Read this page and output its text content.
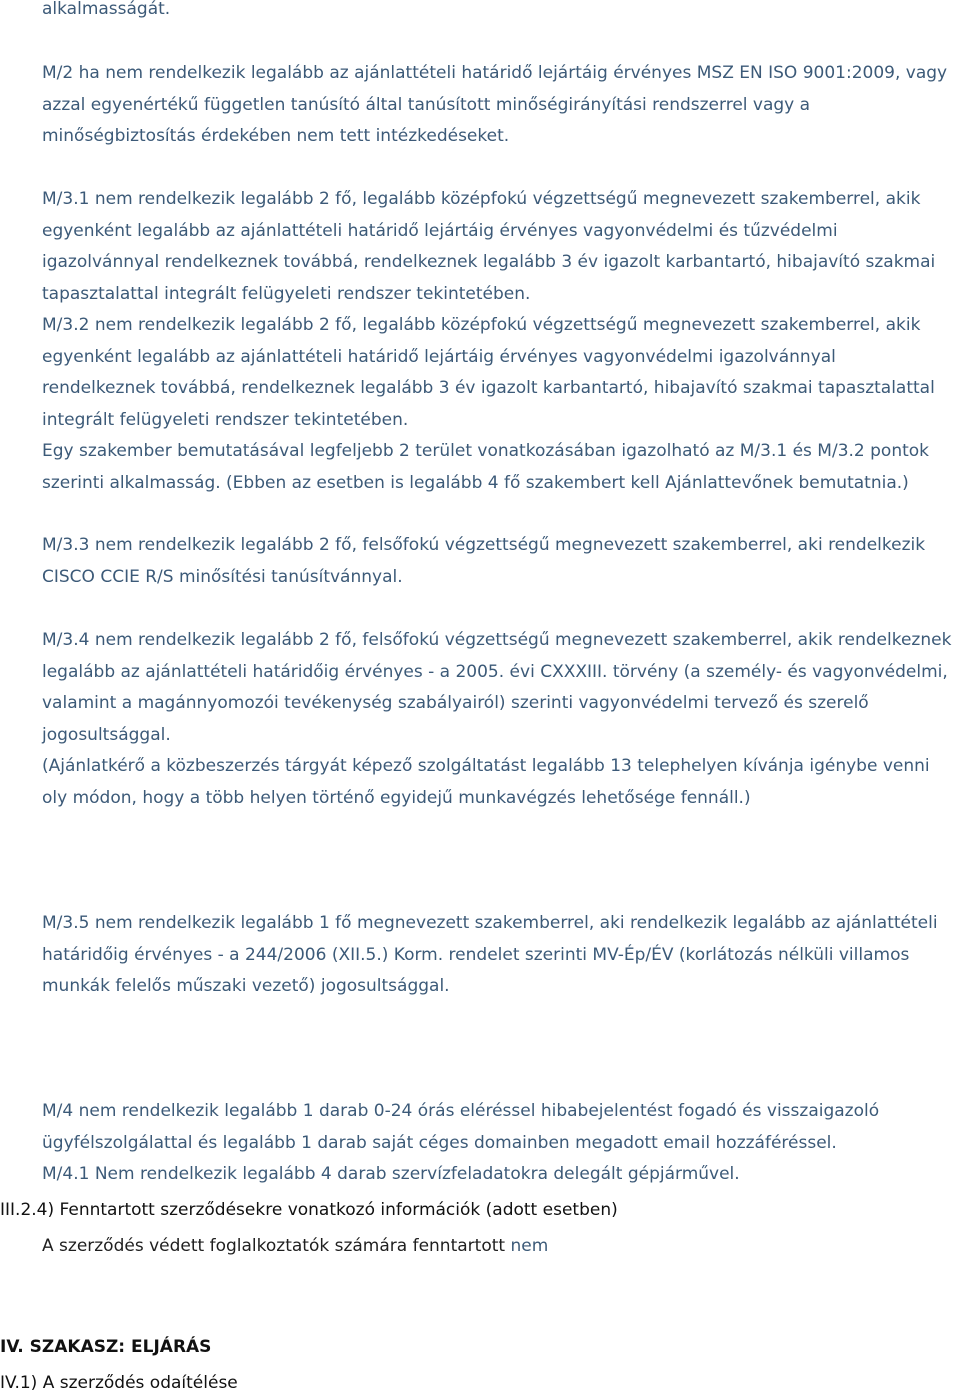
alkalmasságát.

M/2 ha nem rendelkezik legalább az ajánlattételi határidő lejártáig érvényes MSZ EN ISO 9001:2009, vagy azzal egyenértékű független tanúsító által tanúsított minőségirányítási rendszerrel vagy a minőségbiztosítás érdekében nem tett intézkedéseket.

M/3.1 nem rendelkezik legalább 2 fő, legalább középfokú végzettségű megnevezett szakemberrel, akik egyenként legalább az ajánlattételi határidő lejártáig érvényes vagyonvédelmi és tűzvédelmi igazolvánnyal rendelkeznek továbbá, rendelkeznek legalább 3 év igazolt karbantartó, hibajavító szakmai tapasztalattal integrált felügyeleti rendszer tekintetében.

M/3.2 nem rendelkezik legalább 2 fő, legalább középfokú végzettségű megnevezett szakemberrel, akik egyenként legalább az ajánlattételi határidő lejártáig érvényes vagyonvédelmi igazolvánnyal rendelkeznek továbbá, rendelkeznek legalább 3 év igazolt karbantartó, hibajavító szakmai tapasztalattal integrált felügyeleti rendszer tekintetében.

Egy szakember bemutatásával legfeljebb 2 terület vonatkozásában igazolható az M/3.1 és M/3.2 pontok szerinti alkalmasság. (Ebben az esetben is legalább 4 fő szakembert kell Ajánlattevőnek bemutatnia.)

M/3.3 nem rendelkezik legalább 2 fő, felsőfokú végzettségű megnevezett szakemberrel, aki rendelkezik CISCO CCIE R/S minősítési tanúsítvánnyal.

M/3.4 nem rendelkezik legalább 2 fő, felsőfokú végzettségű megnevezett szakemberrel, akik rendelkeznek legalább az ajánlattételi határidőig érvényes - a 2005. évi CXXXIII. törvény (a személy- és vagyonvédelmi, valamint a magánnyomozói tevékenység szabályairól) szerinti vagyonvédelmi tervező és szerelő jogosultsággal.

(Ajánlatkérő a közbeszerzés tárgyát képező szolgáltatást legalább 13 telephelyen kívánja igénybe venni oly módon, hogy a több helyen történő egyidejű munkavégzés lehetősége fennáll.)

M/3.5 nem rendelkezik legalább 1 fő megnevezett szakemberrel, aki rendelkezik legalább az ajánlattételi határidőig érvényes - a 244/2006 (XII.5.) Korm. rendelet szerinti MV-Ép/ÉV (korlátozás nélküli villamos munkák felelős műszaki vezető) jogosultsággal.

M/4 nem rendelkezik legalább 1 darab 0-24 órás eléréssel hibabejelentést fogadó és visszaigazoló ügyfélszolgálattal és legalább 1 darab saját céges domainben megadott email hozzáféréssel.

M/4.1 Nem rendelkezik legalább 4 darab szervízfeladatokra delegált gépjárművel.

III.2.4) Fenntartott szerződésekre vonatkozó információk (adott esetben)

A szerződés védett foglalkoztatók számára fenntartott nem

IV. SZAKASZ: ELJÁRÁS

IV.1) A szerződés odaítélése
